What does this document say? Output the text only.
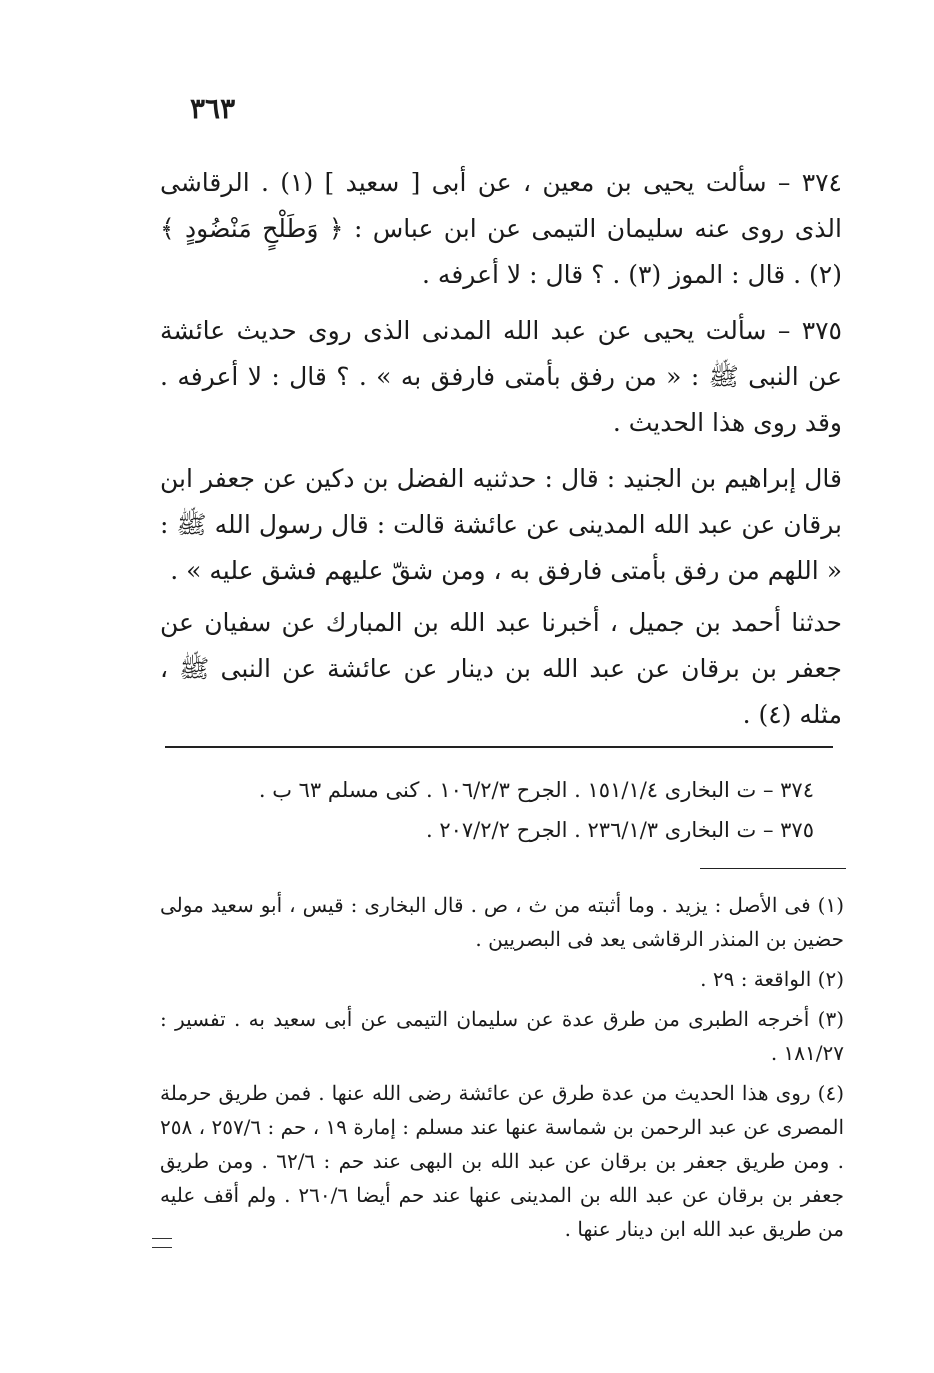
٣٦٣

٣٧٤ – سألت يحيى بن معين ، عن أبى [ سعيد ] (١) . الرقاشى الذى روى عنه سليمان التيمى عن ابن عباس : ﴿ وَطَلْحٍ مَنْضُودٍ ﴾ (٢) . قال : الموز (٣) . ؟ قال : لا أعرفه .

٣٧٥ – سألت يحيى عن عبد الله المدنى الذى روى حديث عائشة عن النبى ﷺ : « من رفق بأمتى فارفق به » . ؟ قال : لا أعرفه . وقد روى هذا الحديث .

قال إبراهيم بن الجنيد : قال : حدثنيه الفضل بن دكين عن جعفر ابن برقان عن عبد الله المدينى عن عائشة قالت : قال رسول الله ﷺ : « اللهم من رفق بأمتى فارفق به ، ومن شقّ عليهم فشق عليه » .

حدثنا أحمد بن جميل ، أخبرنا عبد الله بن المبارك عن سفيان عن جعفر بن برقان عن عبد الله بن دينار عن عائشة عن النبى ﷺ ، مثله (٤) .

٣٧٤ – ت البخارى ١٥١/١/٤ . الجرح ١٠٦/٢/٣ . كنى مسلم ٦٣ ب .

٣٧٥ – ت البخارى ٢٣٦/١/٣ . الجرح ٢٠٧/٢/٢ .

(١) فى الأصل : يزيد . وما أثبته من ث ، ص . قال البخارى : قيس ، أبو سعيد مولى حضين بن المنذر الرقاشى يعد فى البصريين .

(٢) الواقعة : ٢٩ .

(٣) أخرجه الطبرى من طرق عدة عن سليمان التيمى عن أبى سعيد به . تفسير : ١٨١/٢٧ .

(٤) روى هذا الحديث من عدة طرق عن عائشة رضى الله عنها . فمن طريق حرملة المصرى عن عبد الرحمن بن شماسة عنها عند مسلم : إمارة ١٩ ، حم : ٢٥٧/٦ ، ٢٥٨ . ومن طريق جعفر بن برقان عن عبد الله بن البهى عند حم : ٦٢/٦ . ومن طريق جعفر بن برقان عن عبد الله بن المدينى عنها عند حم أيضا ٢٦٠/٦ . ولم أقف عليه من طريق عبد الله ابن دينار عنها .
